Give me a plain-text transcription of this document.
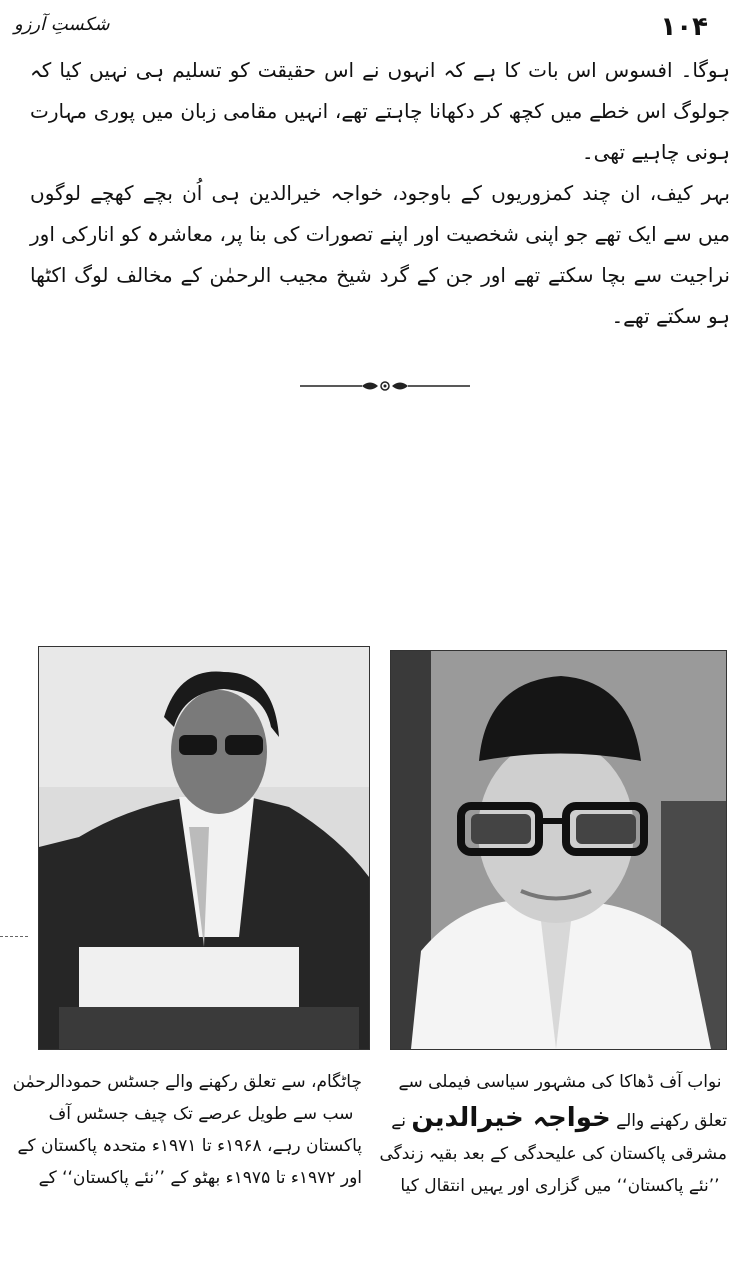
شکستِ آرزو	۱۰۴

ہوگا۔ افسوس اس بات کا ہے کہ انہوں نے اس حقیقت کو تسلیم ہی نہیں کیا کہ جولوگ اس خطے میں کچھ کر دکھانا چاہتے تھے، انہیں مقامی زبان میں پوری مہارت ہونی چاہیے تھی۔

بہر کیف، ان چند کمزوریوں کے باوجود، خواجہ خیرالدین ہی اُن بچے کھچے لوگوں میں سے ایک تھے جو اپنی شخصیت اور اپنے تصورات کی بنا پر، معاشرہ کو انارکی اور نراجیت سے بچا سکتے تھے اور جن کے گرد شیخ مجیب الرحمٰن کے مخالف لوگ اکٹھا ہو سکتے تھے۔

چاٹگام، سے تعلق رکھنے والے جسٹس حمودالرحمٰن
سب سے طویل عرصے تک چیف جسٹس آف
پاکستان رہے، ۱۹۶۸ء تا ۱۹۷۱ء متحدہ پاکستان کے
اور ۱۹۷۲ء تا ۱۹۷۵ء بھٹو کے ’’نئے پاکستان‘‘ کے
نواب آف ڈھاکا کی مشہور سیاسی فیملی سے
تعلق رکھنے والے خواجہ خیرالدین نے
مشرقی پاکستان کی علیحدگی کے بعد بقیہ زندگی
’’نئے پاکستان‘‘ میں گزاری اور یہیں انتقال کیا
